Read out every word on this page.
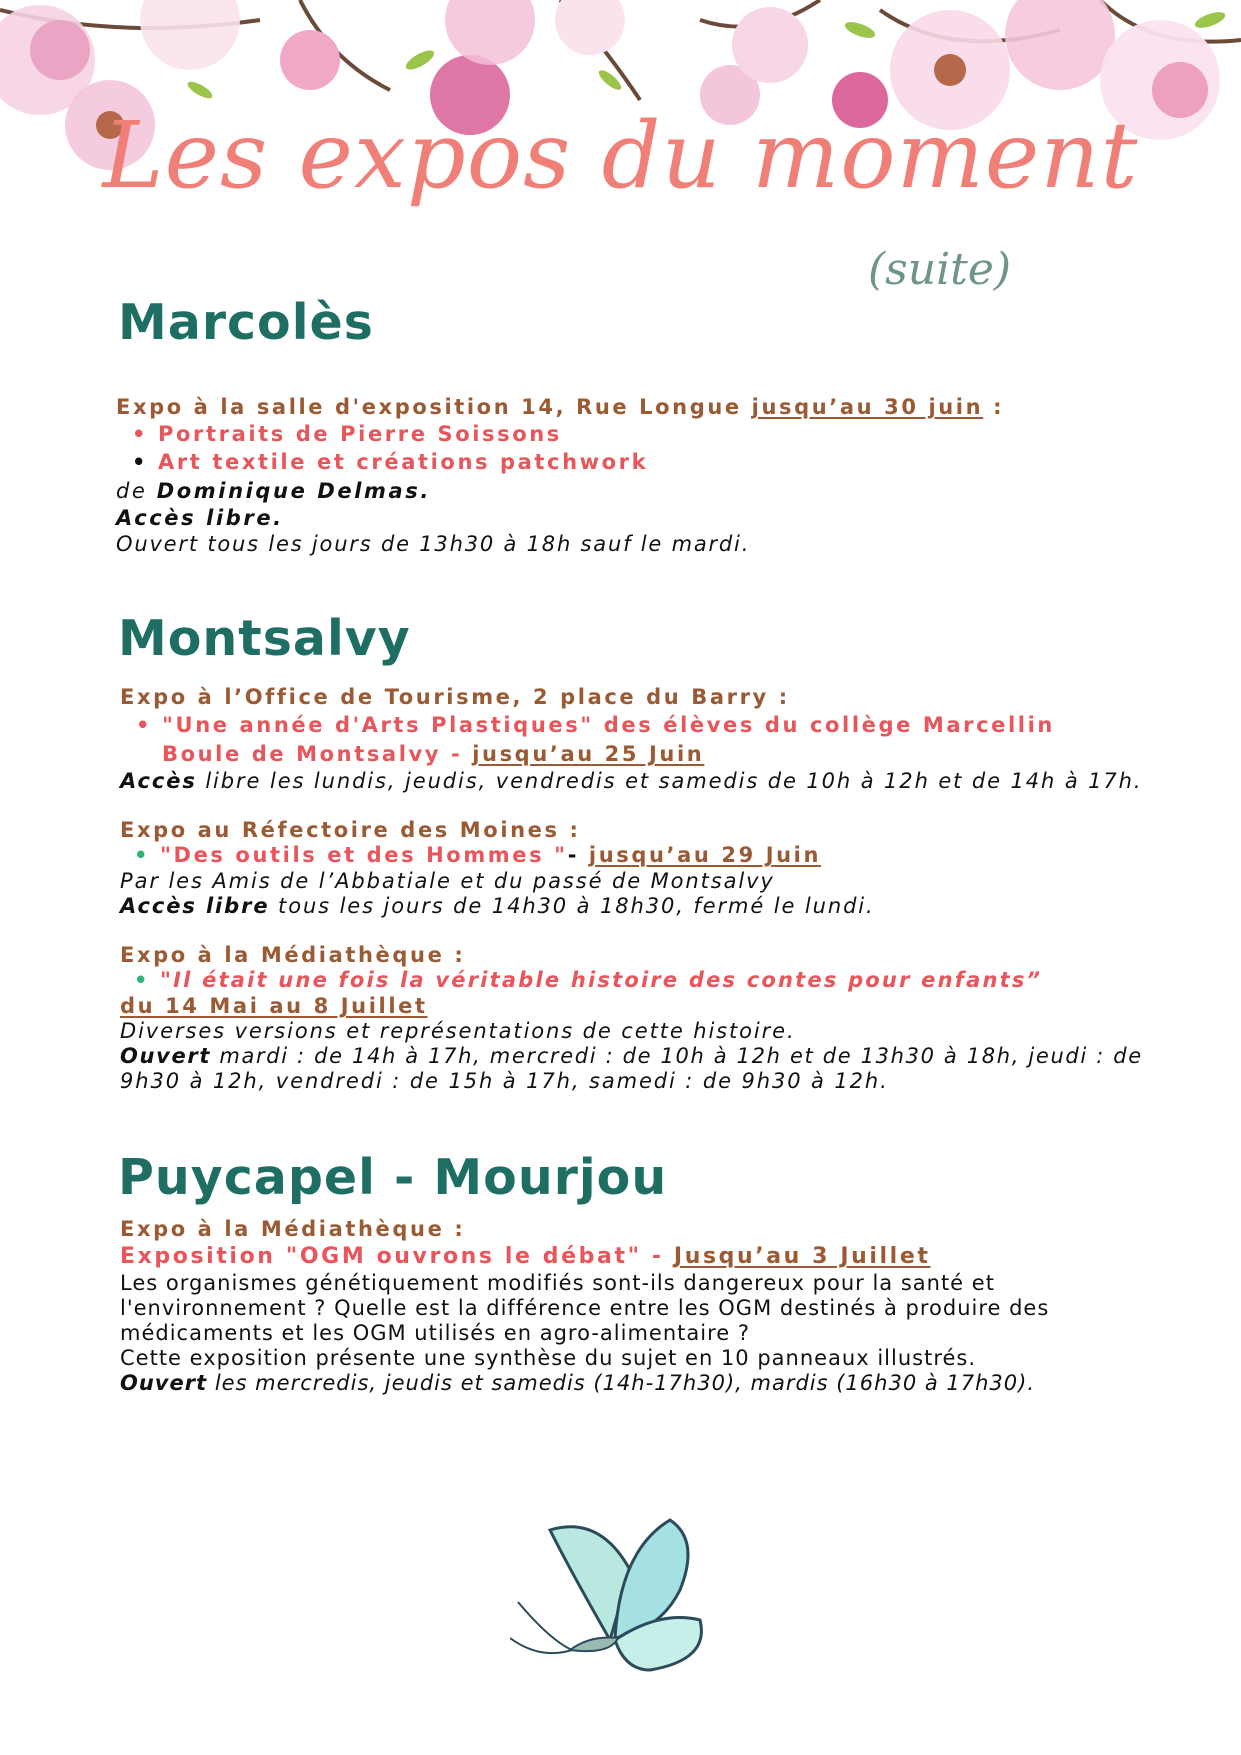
Les expos du moment
(suite)
Marcolès
Expo à la salle d'exposition 14, Rue Longue jusqu’au 30 juin :
• Portraits de Pierre Soissons
• Art textile et créations patchwork
de Dominique Delmas.
Accès libre.
Ouvert tous les jours de 13h30 à 18h sauf le mardi.
Montsalvy
Expo à l’Office de Tourisme, 2 place du Barry :
• "Une année d'Arts Plastiques" des élèves du collège Marcellin
Boule de Montsalvy - jusqu’au 25 Juin
Accès libre les lundis, jeudis, vendredis et samedis de 10h à 12h et de 14h à 17h.
Expo au Réfectoire des Moines :
• "Des outils et des Hommes "- jusqu’au 29 Juin
Par les Amis de l’Abbatiale et du passé de Montsalvy
Accès libre tous les jours de 14h30 à 18h30, fermé le lundi.
Expo à la Médiathèque :
• "Il était une fois la véritable histoire des contes pour enfants”
du 14 Mai au 8 Juillet
Diverses versions et représentations de cette histoire.
Ouvert mardi : de 14h à 17h, mercredi : de 10h à 12h et de 13h30 à 18h, jeudi : de
9h30 à 12h, vendredi : de 15h à 17h, samedi : de 9h30 à 12h.
Puycapel - Mourjou
Expo à la Médiathèque :
Exposition "OGM ouvrons le débat" - Jusqu’au 3 Juillet
Les organismes génétiquement modifiés sont-ils dangereux pour la santé et
l'environnement ? Quelle est la différence entre les OGM destinés à produire des
médicaments et les OGM utilisés en agro-alimentaire ?
Cette exposition présente une synthèse du sujet en 10 panneaux illustrés.
Ouvert les mercredis, jeudis et samedis (14h-17h30), mardis (16h30 à 17h30).
